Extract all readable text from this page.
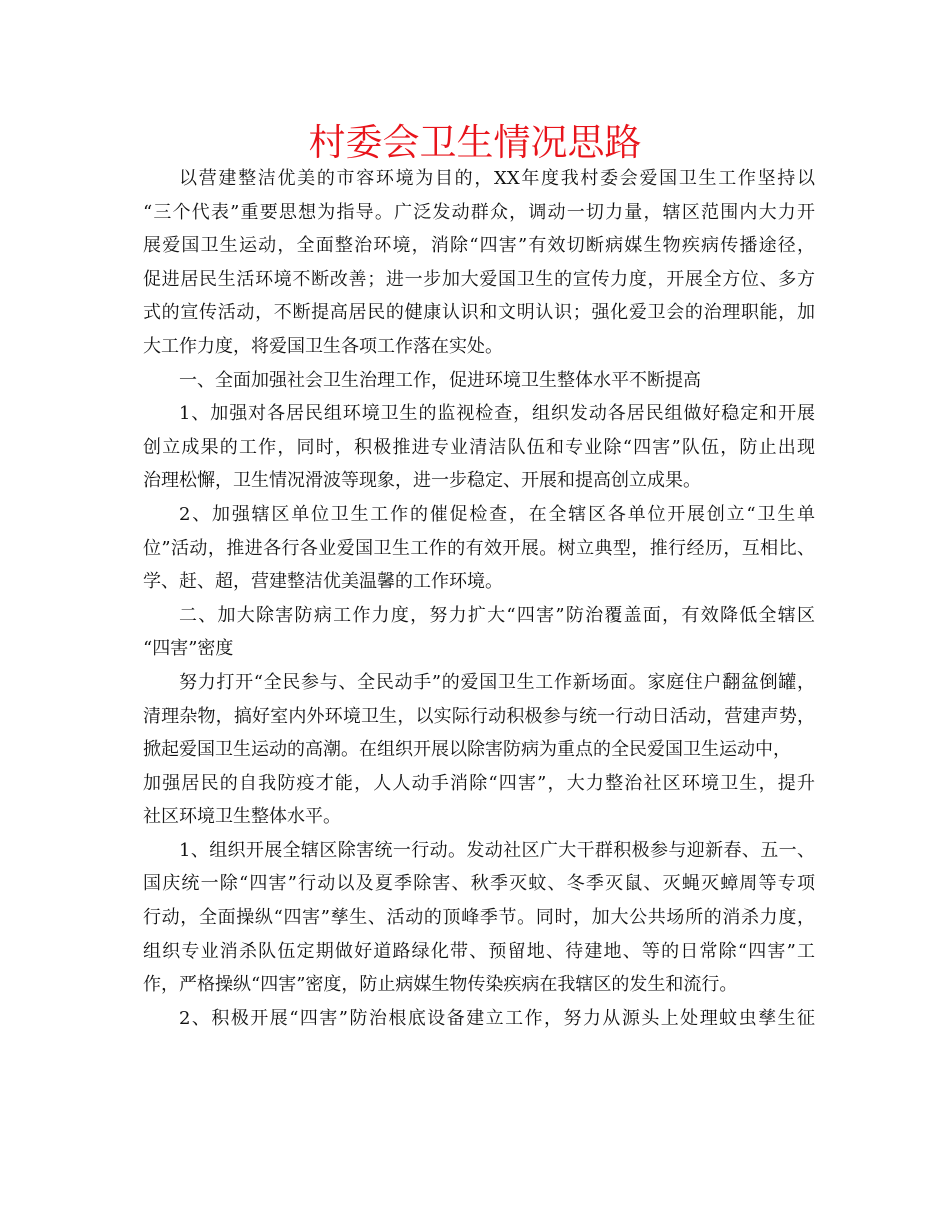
村委会卫生情况思路
以营建整洁优美的市容环境为目的，XX年度我村委会爱国卫生工作坚持以
“三个代表”重要思想为指导。广泛发动群众，调动一切力量，辖区范围内大力开
展爱国卫生运动，全面整治环境，消除“四害”有效切断病媒生物疾病传播途径，
促进居民生活环境不断改善；进一步加大爱国卫生的宣传力度，开展全方位、多方
式的宣传活动，不断提高居民的健康认识和文明认识；强化爱卫会的治理职能，加
大工作力度，将爱国卫生各项工作落在实处。
一、全面加强社会卫生治理工作，促进环境卫生整体水平不断提高
1、加强对各居民组环境卫生的监视检查，组织发动各居民组做好稳定和开展
创立成果的工作，同时，积极推进专业清洁队伍和专业除“四害”队伍，防止出现
治理松懈，卫生情况滑波等现象，进一步稳定、开展和提高创立成果。
2、加强辖区单位卫生工作的催促检查，在全辖区各单位开展创立“卫生单
位”活动，推进各行各业爱国卫生工作的有效开展。树立典型，推行经历，互相比、
学、赶、超，营建整洁优美温馨的工作环境。
二、加大除害防病工作力度，努力扩大“四害”防治覆盖面，有效降低全辖区
“四害”密度
努力打开“全民参与、全民动手”的爱国卫生工作新场面。家庭住户翻盆倒罐，
清理杂物，搞好室内外环境卫生，以实际行动积极参与统一行动日活动，营建声势，
掀起爱国卫生运动的高潮。在组织开展以除害防病为重点的全民爱国卫生运动中，
加强居民的自我防疫才能，人人动手消除“四害”，大力整治社区环境卫生，提升
社区环境卫生整体水平。
1、组织开展全辖区除害统一行动。发动社区广大干群积极参与迎新春、五一、
国庆统一除“四害”行动以及夏季除害、秋季灭蚊、冬季灭鼠、灭蝇灭蟑周等专项
行动，全面操纵“四害”孳生、活动的顶峰季节。同时，加大公共场所的消杀力度，
组织专业消杀队伍定期做好道路绿化带、预留地、待建地、等的日常除“四害”工
作，严格操纵“四害”密度，防止病媒生物传染疾病在我辖区的发生和流行。
2、积极开展“四害”防治根底设备建立工作，努力从源头上处理蚊虫孳生征
